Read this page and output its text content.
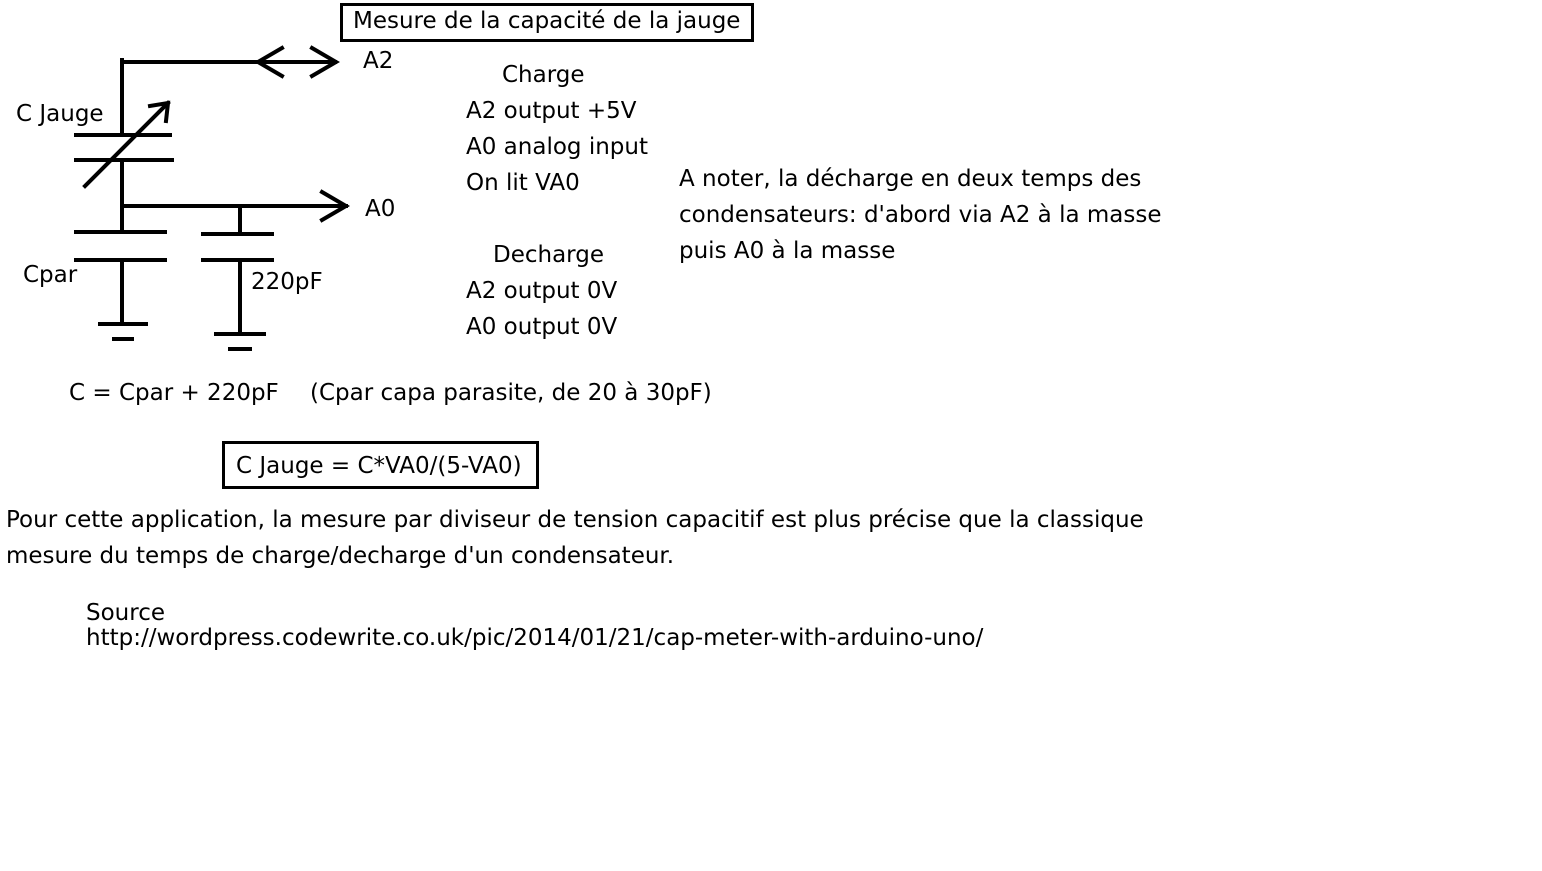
Mesure de la capacité de la jauge
A2
A0
C Jauge
Cpar	220pF
Charge
A2 output +5V
A0 analog input
On lit VA0
Decharge
A2 output 0V
A0 output 0V
A noter, la décharge en deux temps des
condensateurs: d'abord via A2 à la masse
puis A0 à la masse
C = Cpar + 220pF (Cpar capa parasite, de 20 à 30pF)
C Jauge = C*VA0/(5-VA0)
Pour cette application, la mesure par diviseur de tension capacitif est plus précise que la classique
mesure du temps de charge/decharge d'un condensateur.
Source
http://wordpress.codewrite.co.uk/pic/2014/01/21/cap-meter-with-arduino-uno/
